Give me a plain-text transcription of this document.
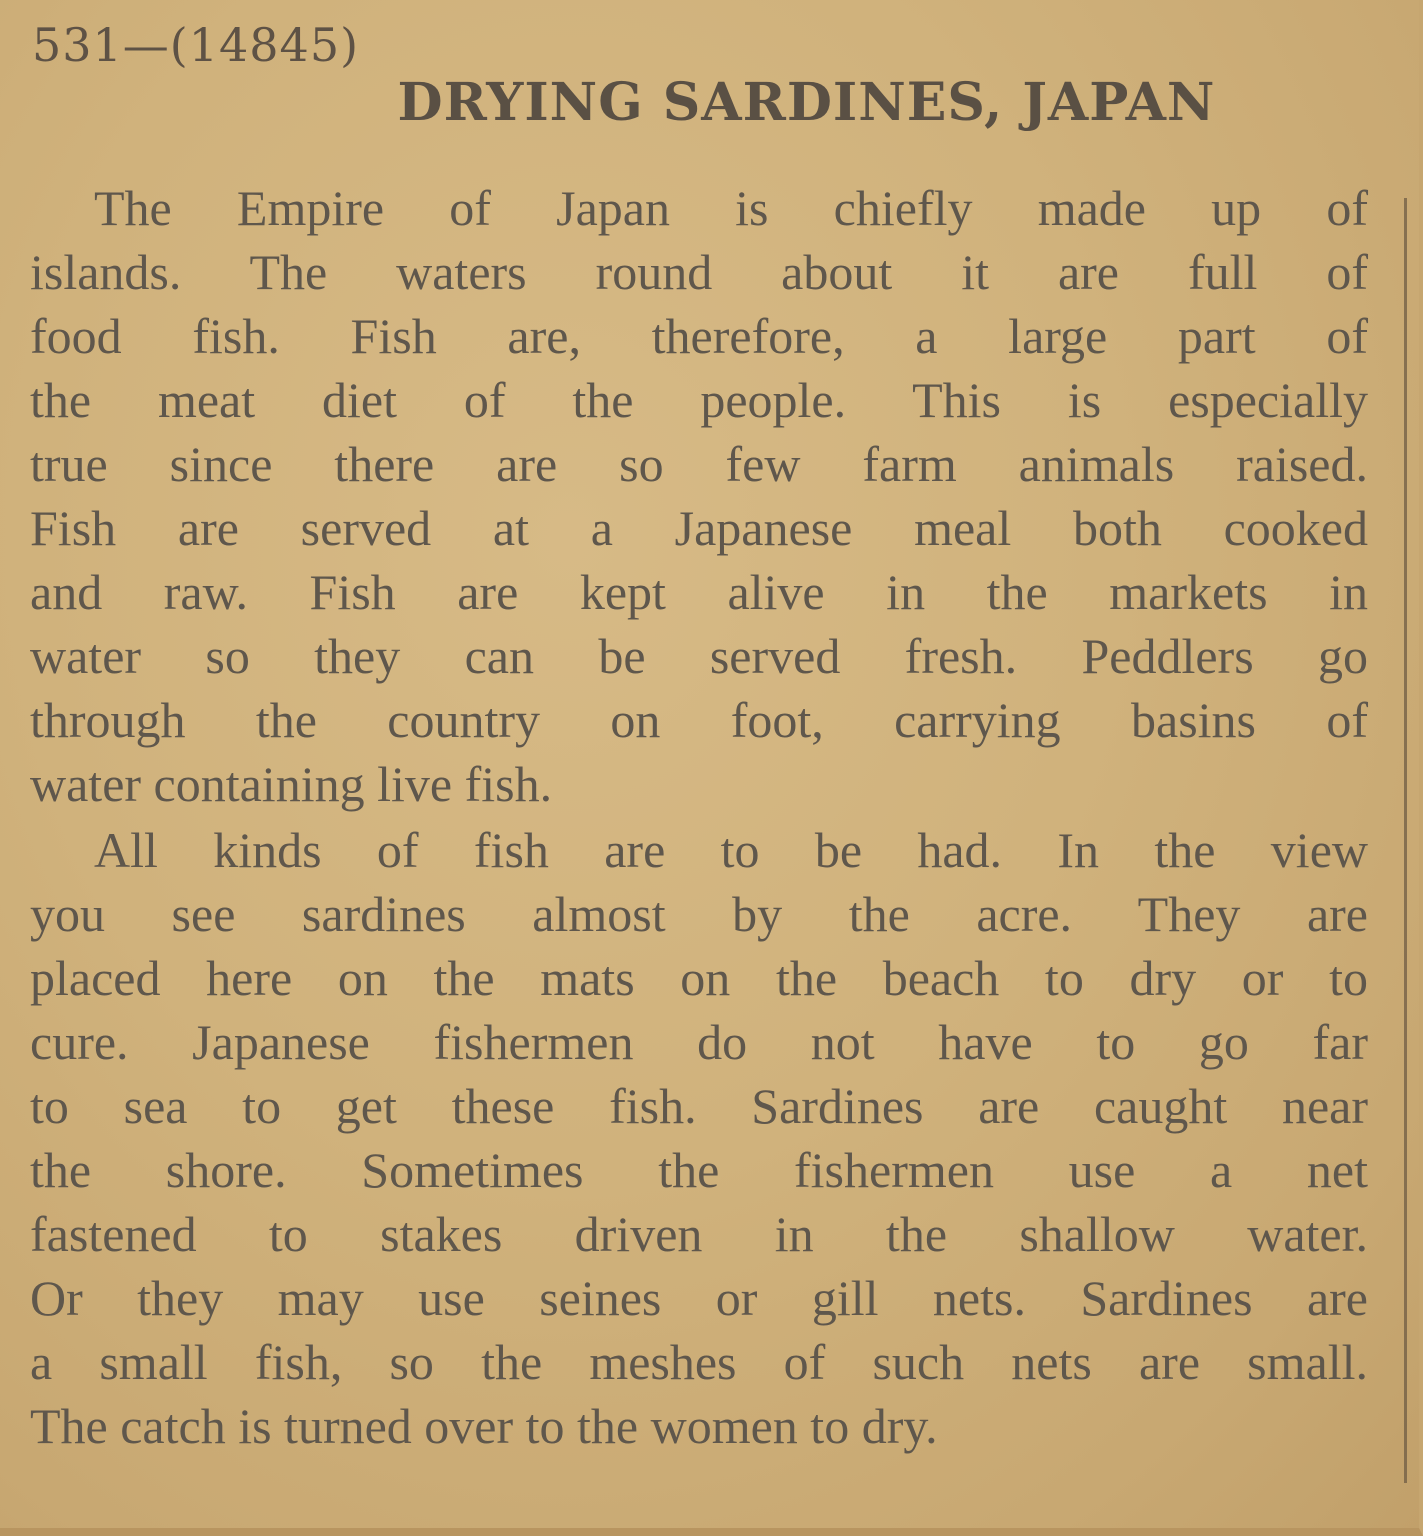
531—(14845)
DRYING SARDINES, JAPAN
The Empire of Japan is chiefly made up of
islands. The waters round about it are full of
food fish. Fish are, therefore, a large part of
the meat diet of the people. This is especially
true since there are so few farm animals raised.
Fish are served at a Japanese meal both cooked
and raw. Fish are kept alive in the markets in
water so they can be served fresh. Peddlers go
through the country on foot, carrying basins of
water containing live fish.
All kinds of fish are to be had. In the view
you see sardines almost by the acre. They are
placed here on the mats on the beach to dry or to
cure. Japanese fishermen do not have to go far
to sea to get these fish. Sardines are caught near
the shore. Sometimes the fishermen use a net
fastened to stakes driven in the shallow water.
Or they may use seines or gill nets. Sardines are
a small fish, so the meshes of such nets are small.
The catch is turned over to the women to dry.
